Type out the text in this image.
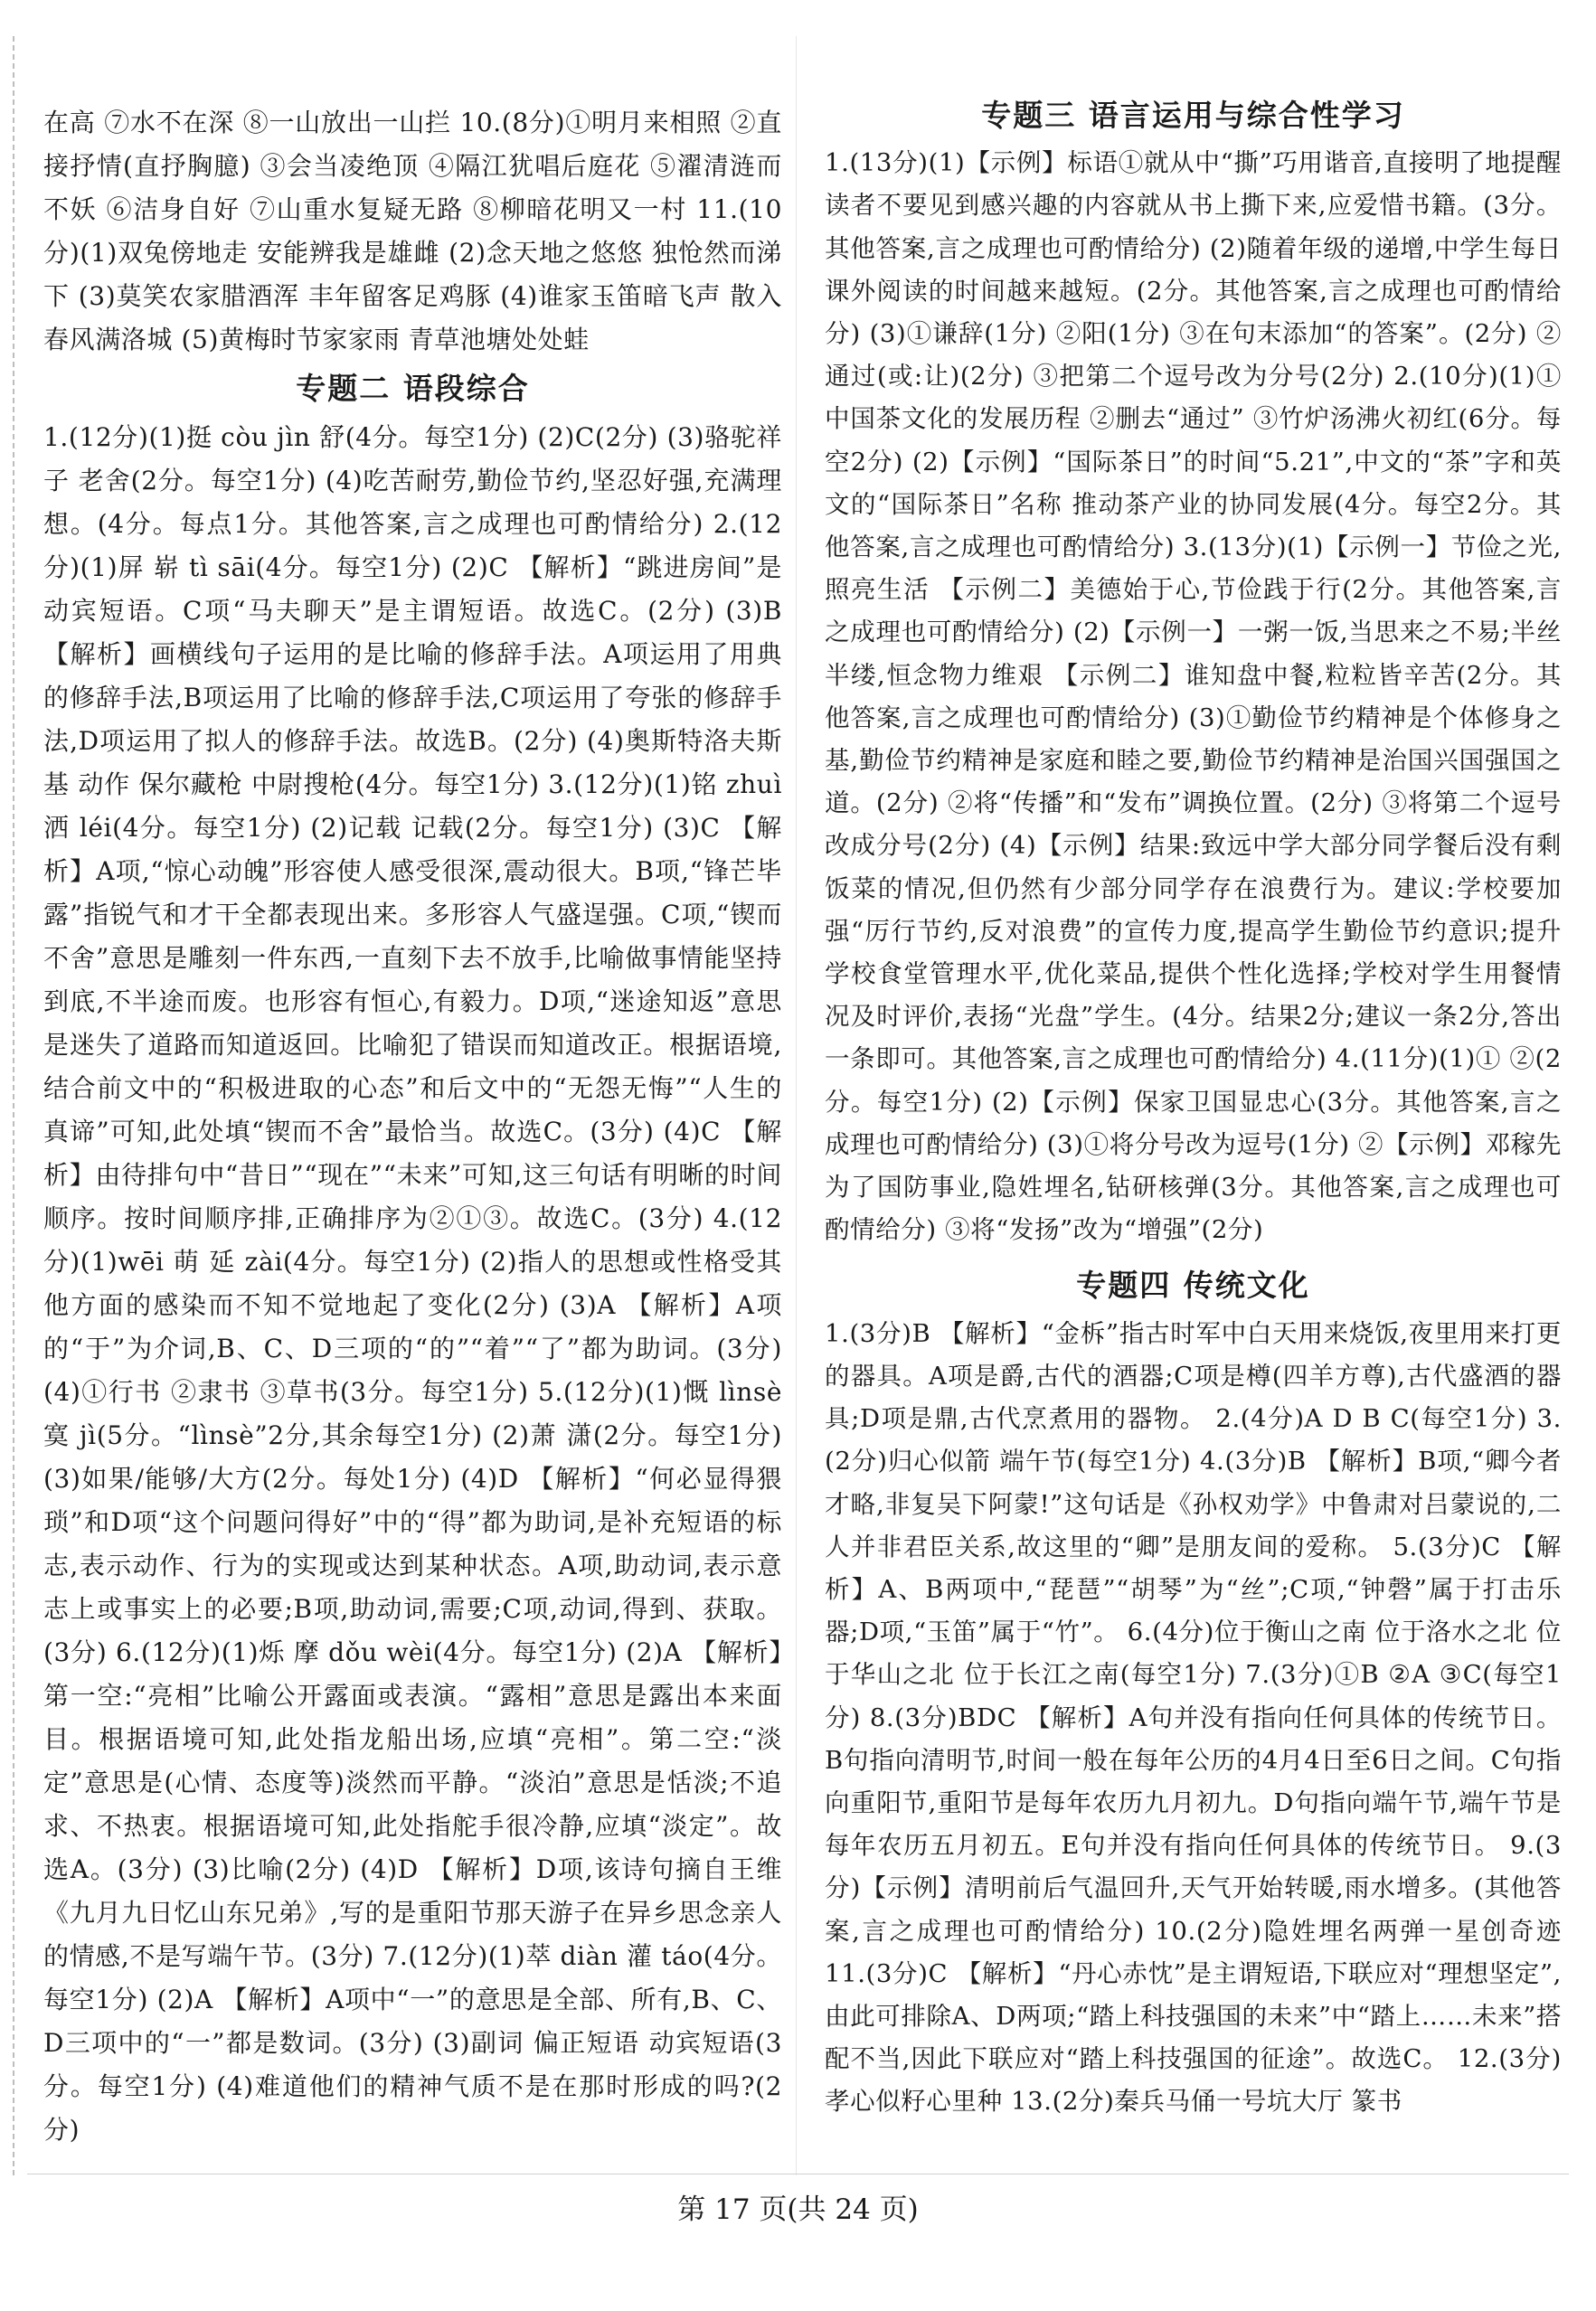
在高 ⑦水不在深 ⑧一山放出一山拦 10.(8分)①明月来相照 ②直接抒情(直抒胸臆) ③会当凌绝顶 ④隔江犹唱后庭花 ⑤濯清涟而不妖 ⑥洁身自好 ⑦山重水复疑无路 ⑧柳暗花明又一村 11.(10分)(1)双兔傍地走 安能辨我是雄雌 (2)念天地之悠悠 独怆然而涕下 (3)莫笑农家腊酒浑 丰年留客足鸡豚 (4)谁家玉笛暗飞声 散入春风满洛城 (5)黄梅时节家家雨 青草池塘处处蛙

专题二 语段综合

1.(12分)(1)挺 còu jìn 舒(4分。每空1分) (2)C(2分) (3)骆驼祥子 老舍(2分。每空1分) (4)吃苦耐劳,勤俭节约,坚忍好强,充满理想。(4分。每点1分。其他答案,言之成理也可酌情给分) 2.(12分)(1)屏 崭 tì sāi(4分。每空1分) (2)C 【解析】“跳进房间”是动宾短语。C项“马夫聊天”是主谓短语。故选C。(2分) (3)B 【解析】画横线句子运用的是比喻的修辞手法。A项运用了用典的修辞手法,B项运用了比喻的修辞手法,C项运用了夸张的修辞手法,D项运用了拟人的修辞手法。故选B。(2分) (4)奥斯特洛夫斯基 动作 保尔藏枪 中尉搜枪(4分。每空1分) 3.(12分)(1)铭 zhuì 洒 léi(4分。每空1分) (2)记载 记载(2分。每空1分) (3)C 【解析】A项,“惊心动魄”形容使人感受很深,震动很大。B项,“锋芒毕露”指锐气和才干全都表现出来。多形容人气盛逞强。C项,“锲而不舍”意思是雕刻一件东西,一直刻下去不放手,比喻做事情能坚持到底,不半途而废。也形容有恒心,有毅力。D项,“迷途知返”意思是迷失了道路而知道返回。比喻犯了错误而知道改正。根据语境,结合前文中的“积极进取的心态”和后文中的“无怨无悔”“人生的真谛”可知,此处填“锲而不舍”最恰当。故选C。(3分) (4)C 【解析】由待排句中“昔日”“现在”“未来”可知,这三句话有明晰的时间顺序。按时间顺序排,正确排序为②①③。故选C。(3分) 4.(12分)(1)wēi 萌 延 zài(4分。每空1分) (2)指人的思想或性格受其他方面的感染而不知不觉地起了变化(2分) (3)A 【解析】A项的“于”为介词,B、C、D三项的“的”“着”“了”都为助词。(3分) (4)①行书 ②隶书 ③草书(3分。每空1分) 5.(12分)(1)慨 lìnsè 寞 jì(5分。“lìnsè”2分,其余每空1分) (2)萧 潇(2分。每空1分) (3)如果/能够/大方(2分。每处1分) (4)D 【解析】“何必显得猥琐”和D项“这个问题问得好”中的“得”都为助词,是补充短语的标志,表示动作、行为的实现或达到某种状态。A项,助动词,表示意志上或事实上的必要;B项,助动词,需要;C项,动词,得到、获取。(3分) 6.(12分)(1)烁 摩 dǒu wèi(4分。每空1分) (2)A 【解析】第一空:“亮相”比喻公开露面或表演。“露相”意思是露出本来面目。根据语境可知,此处指龙船出场,应填“亮相”。第二空:“淡定”意思是(心情、态度等)淡然而平静。“淡泊”意思是恬淡;不追求、不热衷。根据语境可知,此处指舵手很冷静,应填“淡定”。故选A。(3分) (3)比喻(2分) (4)D 【解析】D项,该诗句摘自王维《九月九日忆山东兄弟》,写的是重阳节那天游子在异乡思念亲人的情感,不是写端午节。(3分) 7.(12分)(1)萃 diàn 灌 táo(4分。每空1分) (2)A 【解析】A项中“一”的意思是全部、所有,B、C、D三项中的“一”都是数词。(3分) (3)副词 偏正短语 动宾短语(3分。每空1分) (4)难道他们的精神气质不是在那时形成的吗?(2分)

专题三 语言运用与综合性学习

1.(13分)(1)【示例】标语①就从中“撕”巧用谐音,直接明了地提醒读者不要见到感兴趣的内容就从书上撕下来,应爱惜书籍。(3分。其他答案,言之成理也可酌情给分) (2)随着年级的递增,中学生每日课外阅读的时间越来越短。(2分。其他答案,言之成理也可酌情给分) (3)①谦辞(1分) ②阳(1分) ③在句末添加“的答案”。(2分) ②通过(或:让)(2分) ③把第二个逗号改为分号(2分) 2.(10分)(1)①中国茶文化的发展历程 ②删去“通过” ③竹炉汤沸火初红(6分。每空2分) (2)【示例】“国际茶日”的时间“5.21”,中文的“茶”字和英文的“国际茶日”名称 推动茶产业的协同发展(4分。每空2分。其他答案,言之成理也可酌情给分) 3.(13分)(1)【示例一】节俭之光,照亮生活 【示例二】美德始于心,节俭践于行(2分。其他答案,言之成理也可酌情给分) (2)【示例一】一粥一饭,当思来之不易;半丝半缕,恒念物力维艰 【示例二】谁知盘中餐,粒粒皆辛苦(2分。其他答案,言之成理也可酌情给分) (3)①勤俭节约精神是个体修身之基,勤俭节约精神是家庭和睦之要,勤俭节约精神是治国兴国强国之道。(2分) ②将“传播”和“发布”调换位置。(2分) ③将第二个逗号改成分号(2分) (4)【示例】结果:致远中学大部分同学餐后没有剩饭菜的情况,但仍然有少部分同学存在浪费行为。建议:学校要加强“厉行节约,反对浪费”的宣传力度,提高学生勤俭节约意识;提升学校食堂管理水平,优化菜品,提供个性化选择;学校对学生用餐情况及时评价,表扬“光盘”学生。(4分。结果2分;建议一条2分,答出一条即可。其他答案,言之成理也可酌情给分) 4.(11分)(1)① ②(2分。每空1分) (2)【示例】保家卫国显忠心(3分。其他答案,言之成理也可酌情给分) (3)①将分号改为逗号(1分) ②【示例】邓稼先为了国防事业,隐姓埋名,钻研核弹(3分。其他答案,言之成理也可酌情给分) ③将“发扬”改为“增强”(2分)

专题四 传统文化

1.(3分)B 【解析】“金柝”指古时军中白天用来烧饭,夜里用来打更的器具。A项是爵,古代的酒器;C项是樽(四羊方尊),古代盛酒的器具;D项是鼎,古代烹煮用的器物。 2.(4分)A D B C(每空1分) 3.(2分)归心似箭 端午节(每空1分) 4.(3分)B 【解析】B项,“卿今者才略,非复吴下阿蒙!”这句话是《孙权劝学》中鲁肃对吕蒙说的,二人并非君臣关系,故这里的“卿”是朋友间的爱称。 5.(3分)C 【解析】A、B两项中,“琵琶”“胡琴”为“丝”;C项,“钟磬”属于打击乐器;D项,“玉笛”属于“竹”。 6.(4分)位于衡山之南 位于洛水之北 位于华山之北 位于长江之南(每空1分) 7.(3分)①B ②A ③C(每空1分) 8.(3分)BDC 【解析】A句并没有指向任何具体的传统节日。B句指向清明节,时间一般在每年公历的4月4日至6日之间。C句指向重阳节,重阳节是每年农历九月初九。D句指向端午节,端午节是每年农历五月初五。E句并没有指向任何具体的传统节日。 9.(3分)【示例】清明前后气温回升,天气开始转暖,雨水增多。(其他答案,言之成理也可酌情给分) 10.(2分)隐姓埋名两弹一星创奇迹 11.(3分)C 【解析】“丹心赤忱”是主谓短语,下联应对“理想坚定”,由此可排除A、D两项;“踏上科技强国的未来”中“踏上……未来”搭配不当,因此下联应对“踏上科技强国的征途”。故选C。 12.(3分)孝心似籽心里种 13.(2分)秦兵马俑一号坑大厅 篆书

第 17 页(共 24 页)
